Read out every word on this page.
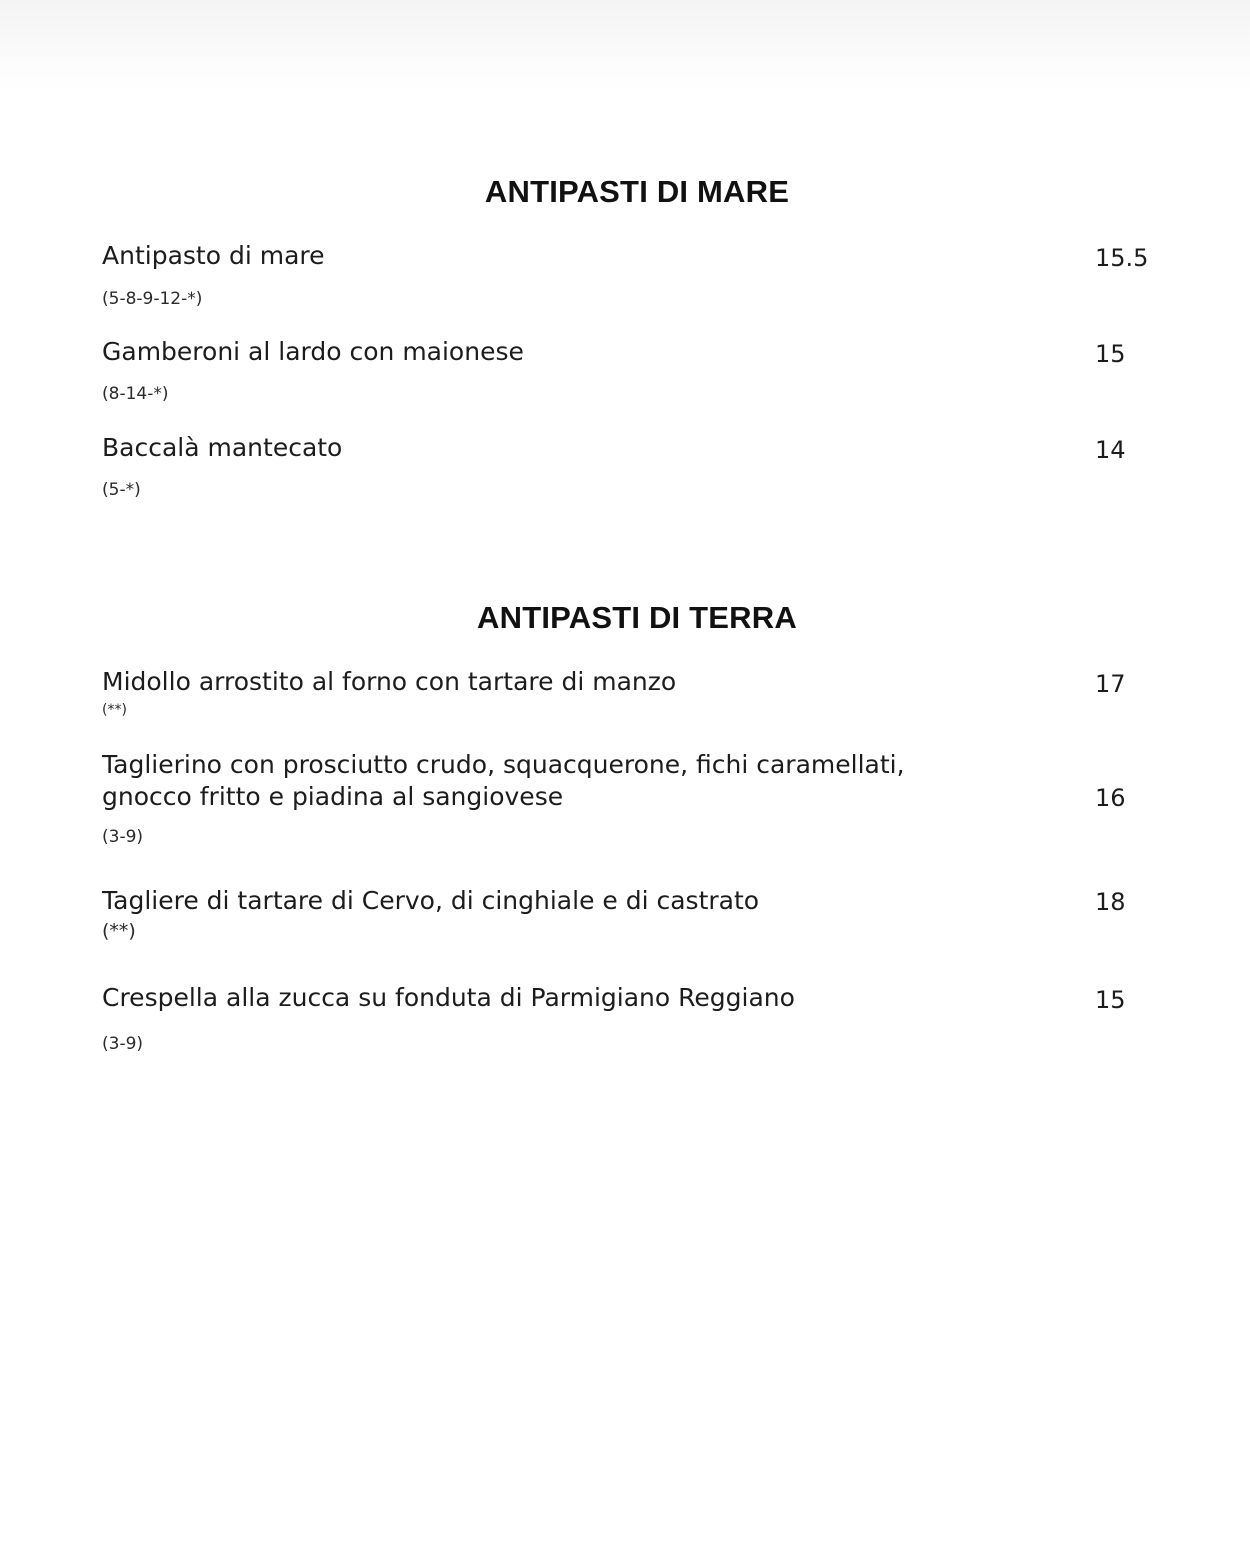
ANTIPASTI DI MARE
Antipasto di mare	15.5
(5-8-9-12-*)
Gamberoni al lardo con maionese	15
(8-14-*)
Baccalà mantecato	14
(5-*)
ANTIPASTI DI TERRA
Midollo arrostito al forno con tartare di manzo	17
(**)
Taglierino con prosciutto crudo, squacquerone, fichi caramellati,
gnocco fritto e piadina al sangiovese	16
(3-9)
Tagliere di tartare di Cervo, di cinghiale e di castrato	18
(**)
Crespella alla zucca su fonduta di Parmigiano Reggiano	15
(3-9)
